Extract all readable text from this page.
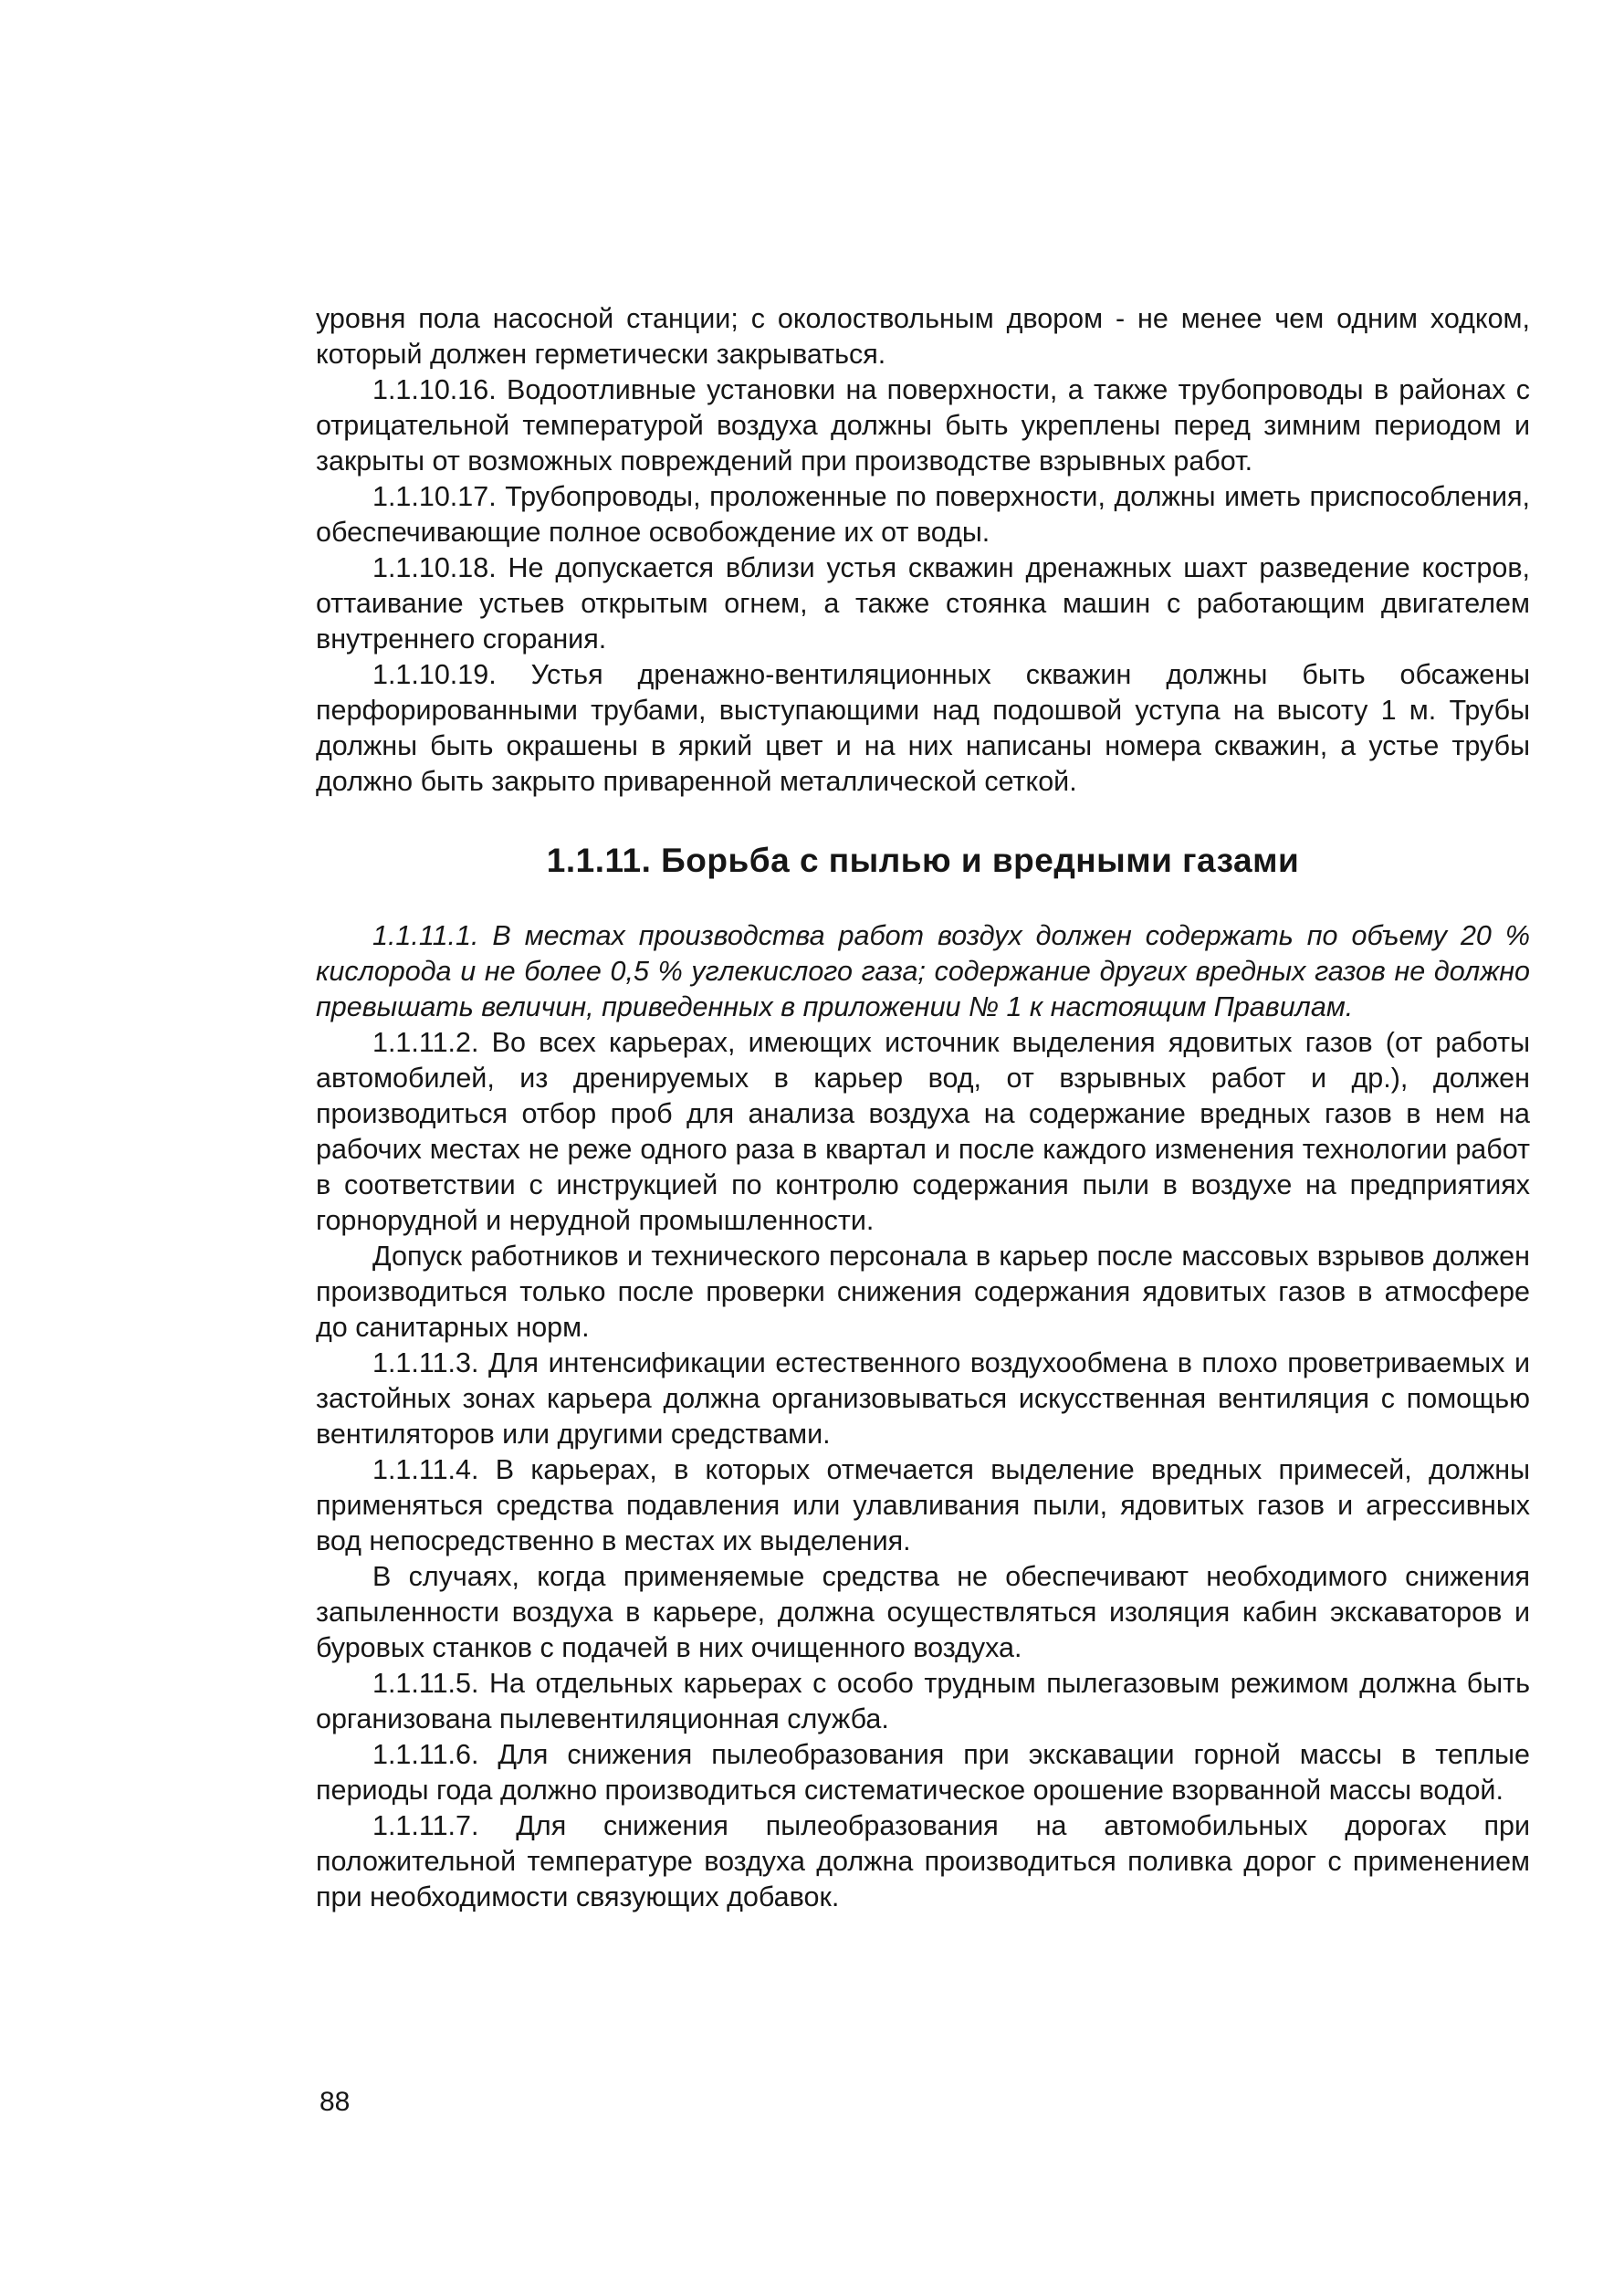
уровня пола насосной станции; с околоствольным двором - не менее чем одним ходком, который должен герметически закрываться.

1.1.10.16. Водоотливные установки на поверхности, а также трубопроводы в районах с отрицательной температурой воздуха должны быть укреплены перед зимним периодом и закрыты от возможных повреждений при производстве взрывных работ.

1.1.10.17. Трубопроводы, проложенные по поверхности, должны иметь приспособления, обеспечивающие полное освобождение их от воды.

1.1.10.18. Не допускается вблизи устья скважин дренажных шахт разведение костров, оттаивание устьев открытым огнем, а также стоянка машин с работающим двигателем внутреннего сгорания.

1.1.10.19. Устья дренажно-вентиляционных скважин должны быть обсажены перфорированными трубами, выступающими над подошвой уступа на высоту 1 м. Трубы должны быть окрашены в яркий цвет и на них написаны номера скважин, а устье трубы должно быть закрыто приваренной металлической сеткой.

1.1.11. Борьба с пылью и вредными газами

1.1.11.1. В местах производства работ воздух должен содержать по объему 20 % кислорода и не более 0,5 % углекислого газа; содержание других вредных газов не должно превышать величин, приведенных в приложении № 1 к настоящим Правилам.

1.1.11.2. Во всех карьерах, имеющих источник выделения ядовитых газов (от работы автомобилей, из дренируемых в карьер вод, от взрывных работ и др.), должен производиться отбор проб для анализа воздуха на содержание вредных газов в нем на рабочих местах не реже одного раза в квартал и после каждого изменения технологии работ в соответствии с инструкцией по контролю содержания пыли в воздухе на предприятиях горнорудной и нерудной промышленности.

Допуск работников и технического персонала в карьер после массовых взрывов должен производиться только после проверки снижения содержания ядовитых газов в атмосфере до санитарных норм.

1.1.11.3. Для интенсификации естественного воздухообмена в плохо проветриваемых и застойных зонах карьера должна организовываться искусственная вентиляция с помощью вентиляторов или другими средствами.

1.1.11.4. В карьерах, в которых отмечается выделение вредных примесей, должны применяться средства подавления или улавливания пыли, ядовитых газов и агрессивных вод непосредственно в местах их выделения.

В случаях, когда применяемые средства не обеспечивают необходимого снижения запыленности воздуха в карьере, должна осуществляться изоляция кабин экскаваторов и буровых станков с подачей в них очищенного воздуха.

1.1.11.5. На отдельных карьерах с особо трудным пылегазовым режимом должна быть организована пылевентиляционная служба.

1.1.11.6. Для снижения пылеобразования при экскавации горной массы в теплые периоды года должно производиться систематическое орошение взорванной массы водой.

1.1.11.7. Для снижения пылеобразования на автомобильных дорогах при положительной температуре воздуха должна производиться поливка дорог с применением при необходимости связующих добавок.

88
